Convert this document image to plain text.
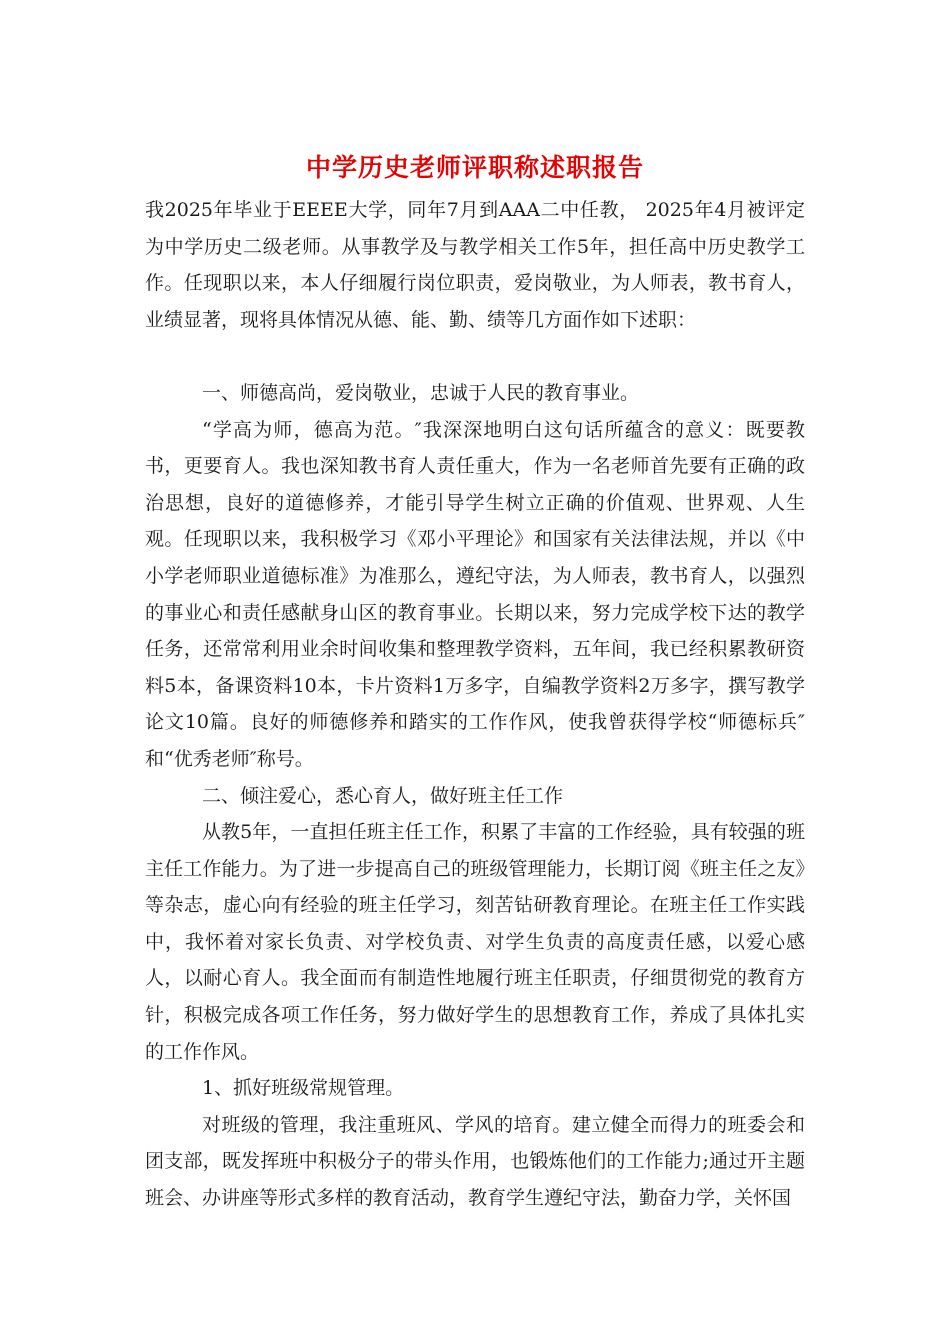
中学历史老师评职称述职报告

我2025年毕业于EEEE大学，同年7月到AAA二中任教， 2025年4月被评定为中学历史二级老师。从事教学及与教学相关工作5年，担任高中历史教学工作。任现职以来，本人仔细履行岗位职责，爱岗敬业，为人师表，教书育人，业绩显著，现将具体情况从德、能、勤、绩等几方面作如下述职：

一、师德高尚，爱岗敬业，忠诚于人民的教育事业。

“学高为师，德高为范。″我深深地明白这句话所蕴含的意义：既要教书，更要育人。我也深知教书育人责任重大，作为一名老师首先要有正确的政治思想，良好的道德修养，才能引导学生树立正确的价值观、世界观、人生观。任现职以来，我积极学习《邓小平理论》和国家有关法律法规，并以《中小学老师职业道德标准》为准那么，遵纪守法，为人师表，教书育人，以强烈的事业心和责任感献身山区的教育事业。长期以来，努力完成学校下达的教学任务，还常常利用业余时间收集和整理教学资料，五年间，我已经积累教研资料5本，备课资料10本，卡片资料1万多字，自编教学资料2万多字，撰写教学论文10篇。良好的师德修养和踏实的工作作风，使我曾获得学校“师德标兵″和“优秀老师″称号。

二、倾注爱心，悉心育人，做好班主任工作

从教5年，一直担任班主任工作，积累了丰富的工作经验，具有较强的班主任工作能力。为了进一步提高自己的班级管理能力，长期订阅《班主任之友》等杂志，虚心向有经验的班主任学习，刻苦钻研教育理论。在班主任工作实践中，我怀着对家长负责、对学校负责、对学生负责的高度责任感，以爱心感人，以耐心育人。我全面而有制造性地履行班主任职责，仔细贯彻党的教育方针，积极完成各项工作任务，努力做好学生的思想教育工作，养成了具体扎实的工作作风。

1、抓好班级常规管理。

对班级的管理，我注重班风、学风的培育。建立健全而得力的班委会和团支部，既发挥班中积极分子的带头作用，也锻炼他们的工作能力;通过开主题班会、办讲座等形式多样的教育活动，教育学生遵纪守法，勤奋力学，关怀国
